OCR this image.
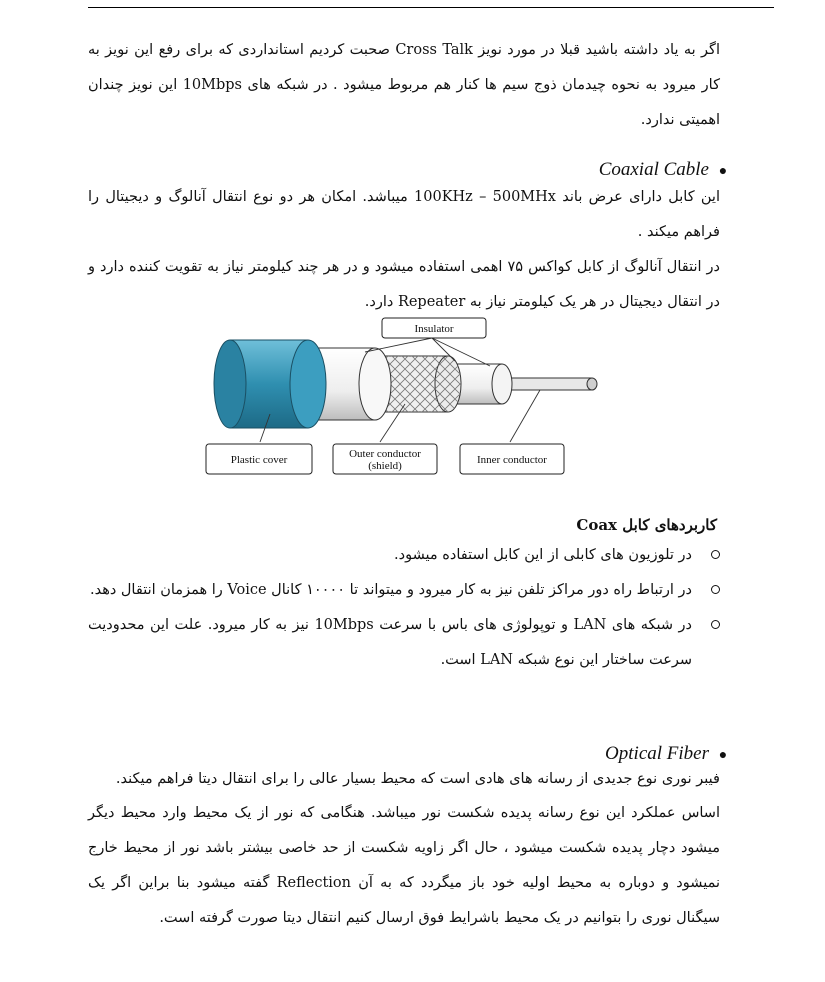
اگر به یاد داشته باشید قبلا در مورد نویز Cross Talk صحبت کردیم استانداردی که برای رفع این نویز به کار میرود به نحوه چیدمان ذوج سیم ها کنار هم مربوط میشود . در شبکه های 10Mbps این نویز چندان اهمیتی ندارد.

Coaxial Cable ●

این کابل دارای عرض باند 100KHz – 500MHx میباشد. امکان هر دو نوع انتقال آنالوگ و دیجیتال را فراهم میکند .

در انتقال آنالوگ از کابل کواکس ۷۵ اهمی استفاده میشود و در هر چند کیلومتر نیاز به تقویت کننده دارد و در انتقال دیجیتال در هر یک کیلومتر نیاز به Repeater دارد.

Insulator
Plastic cover	Outer conductor
(shield)	Inner conductor
کاربردهای کابل Coax
در تلوزیون های کابلی از این کابل استفاده میشود.
در ارتباط راه دور مراکز تلفن نیز به کار میرود و میتواند تا ۱۰۰۰۰ کانال Voice را همزمان انتقال دهد.
در شبکه های LAN و توپولوژی های باس با سرعت 10Mbps نیز به کار میرود. علت این محدودیت سرعت ساختار این نوع شبکه LAN است.
Optical Fiber ●

فیبر نوری نوع جدیدی از رسانه های هادی است که محیط بسیار عالی را برای انتقال دیتا فراهم میکند.

اساس عملکرد این نوع رسانه پدیده شکست نور میباشد. هنگامی که نور از یک محیط وارد محیط دیگر میشود دچار پدیده شکست میشود ، حال اگر زاویه شکست از حد خاصی بیشتر باشد نور از محیط خارج نمیشود و دوباره به محیط اولیه خود باز میگردد که به آن Reflection گفته میشود بنا براین اگر یک سیگنال نوری را بتوانیم در یک محیط باشرایط فوق ارسال کنیم انتقال دیتا صورت گرفته است.
